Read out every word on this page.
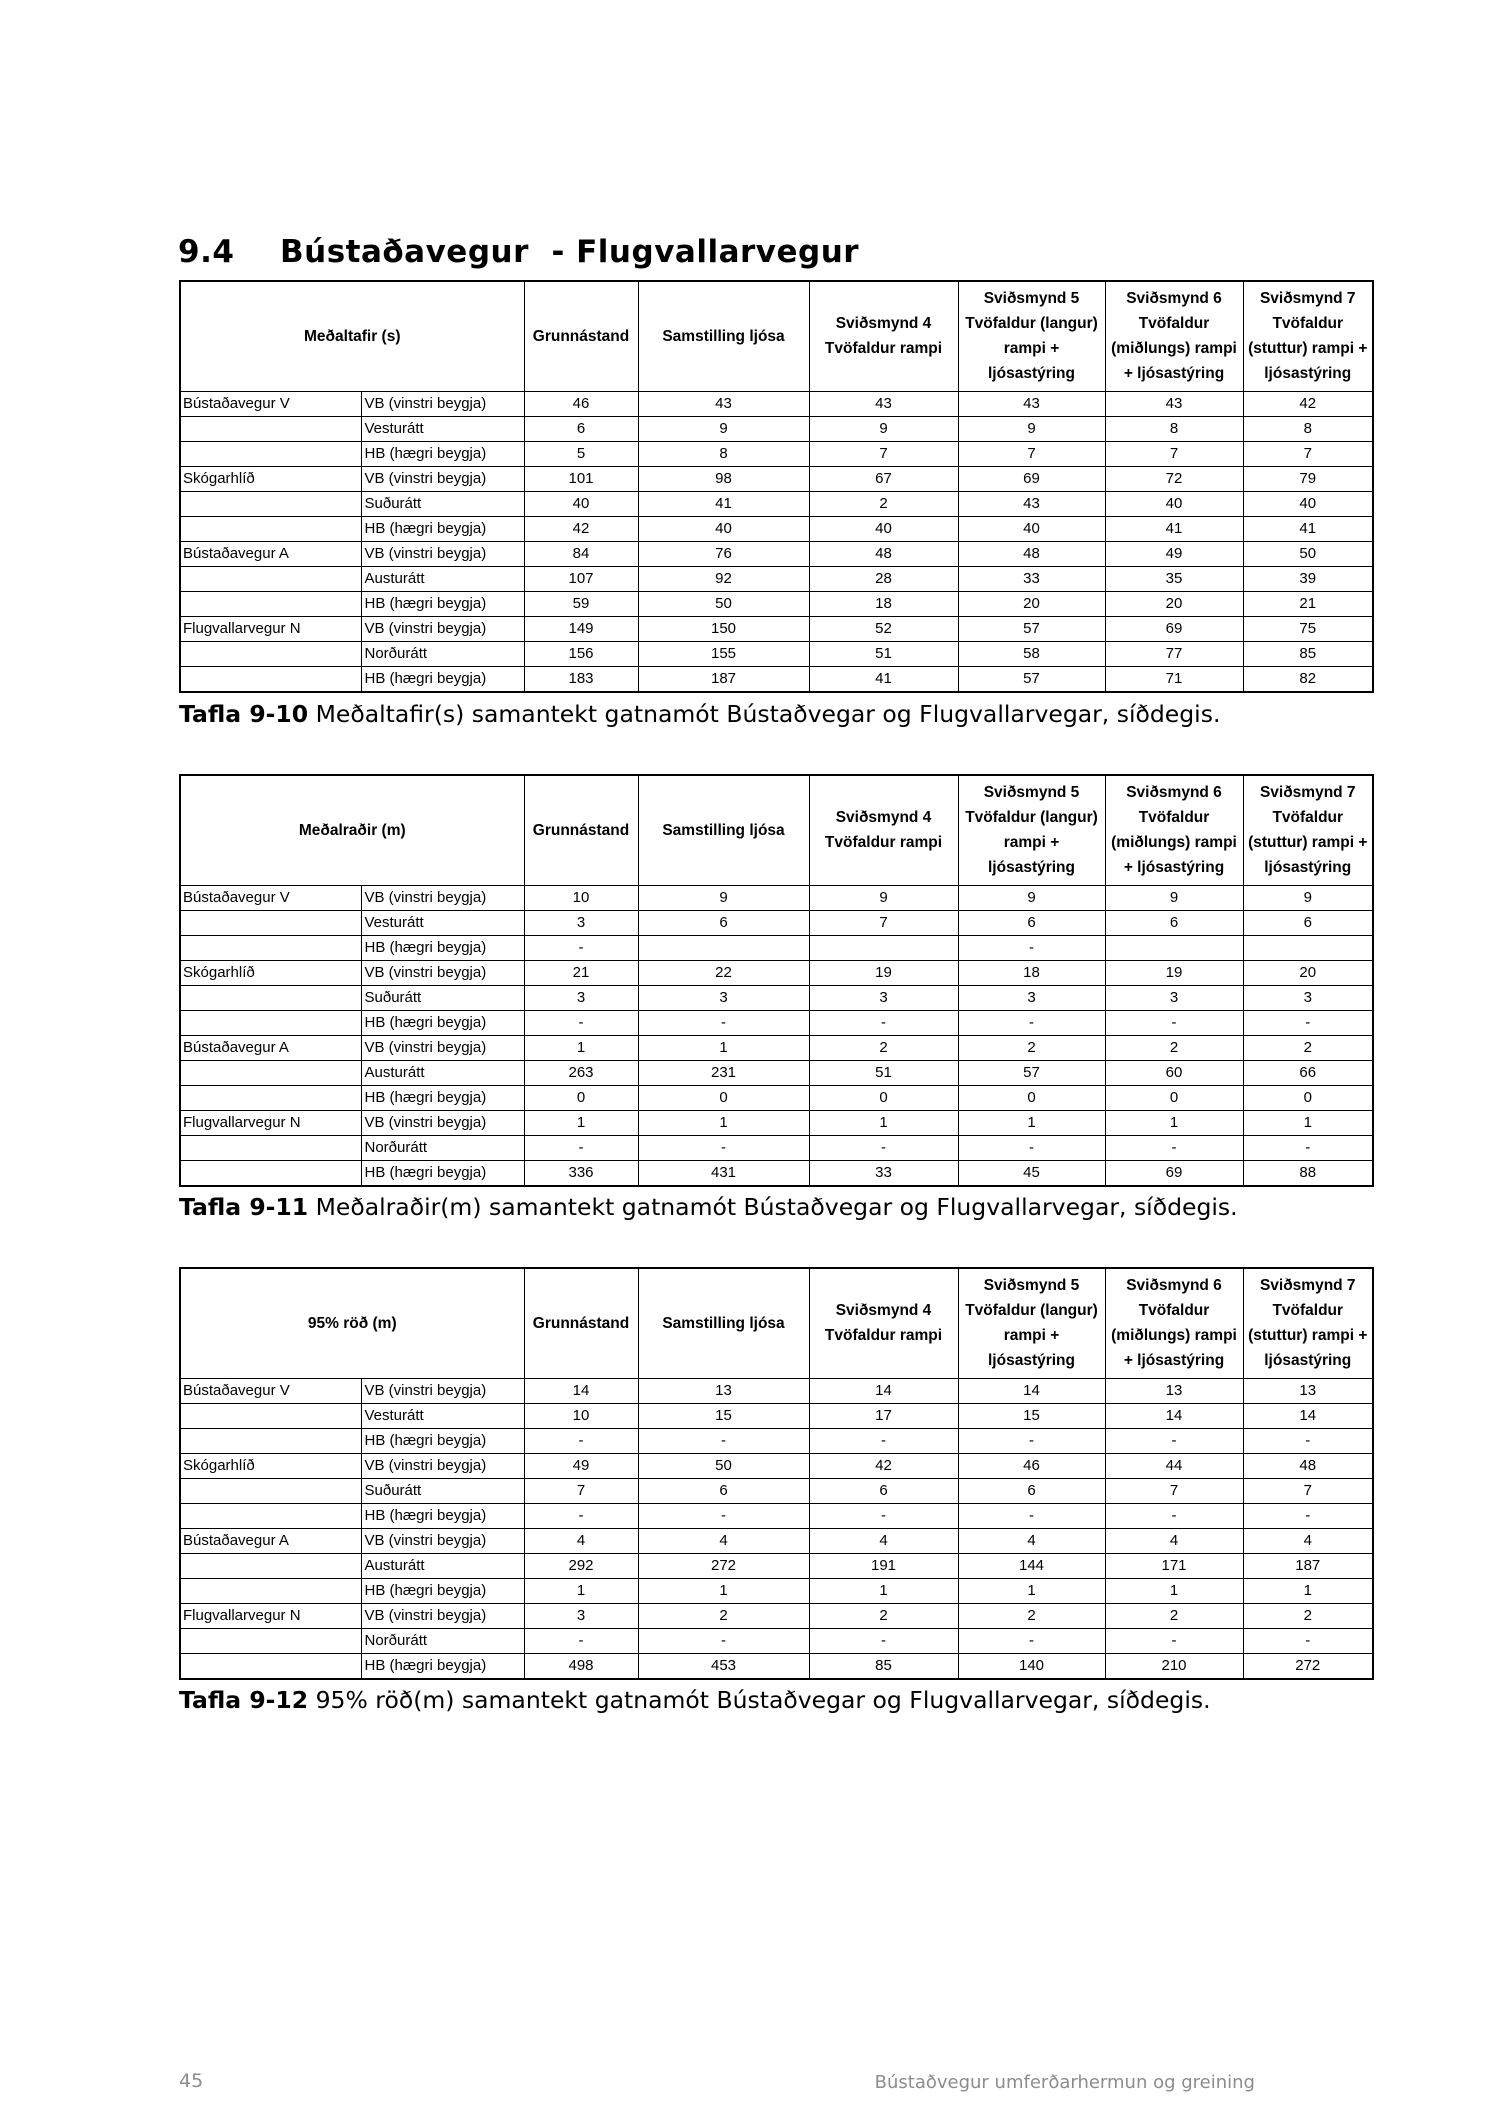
9.4 Bústaðavegur  - Flugvallarvegur
Meðaltafir (s)		Grunnástand	Samstilling ljósa	Sviðsmynd 4 Tvöfaldur rampi	Sviðsmynd 5 Tvöfaldur (langur) rampi + ljósastýring	Sviðsmynd 6 Tvöfaldur (miðlungs) rampi + ljósastýring	Sviðsmynd 7 Tvöfaldur (stuttur) rampi + ljósastýring
Bústaðavegur V	VB (vinstri beygja)	46	43	43	43	43	42
	Vesturátt	6	9	9	9	8	8
	HB (hægri beygja)	5	8	7	7	7	7
Skógarhlíð	VB (vinstri beygja)	101	98	67	69	72	79
	Suðurátt	40	41	2	43	40	40
	HB (hægri beygja)	42	40	40	40	41	41
Bústaðavegur A	VB (vinstri beygja)	84	76	48	48	49	50
	Austurátt	107	92	28	33	35	39
	HB (hægri beygja)	59	50	18	20	20	21
Flugvallarvegur N	VB (vinstri beygja)	149	150	52	57	69	75
	Norðurátt	156	155	51	58	77	85
	HB (hægri beygja)	183	187	41	57	71	82

Tafla 9-10 Meðaltafir(s) samantekt gatnamót Bústaðvegar og Flugvallarvegar, síðdegis.

Meðalraðir (m)		Grunnástand	Samstilling ljósa	Sviðsmynd 4 Tvöfaldur rampi	Sviðsmynd 5 Tvöfaldur (langur) rampi + ljósastýring	Sviðsmynd 6 Tvöfaldur (miðlungs) rampi + ljósastýring	Sviðsmynd 7 Tvöfaldur (stuttur) rampi + ljósastýring
Bústaðavegur V	VB (vinstri beygja)	10	9	9	9	9	9
	Vesturátt	3	6	7	6	6	6
	HB (hægri beygja)	-			-		
Skógarhlíð	VB (vinstri beygja)	21	22	19	18	19	20
	Suðurátt	3	3	3	3	3	3
	HB (hægri beygja)	-	-	-	-	-	-
Bústaðavegur A	VB (vinstri beygja)	1	1	2	2	2	2
	Austurátt	263	231	51	57	60	66
	HB (hægri beygja)	0	0	0	0	0	0
Flugvallarvegur N	VB (vinstri beygja)	1	1	1	1	1	1
	Norðurátt	-	-	-	-	-	-
	HB (hægri beygja)	336	431	33	45	69	88

Tafla 9-11 Meðalraðir(m) samantekt gatnamót Bústaðvegar og Flugvallarvegar, síðdegis.

95% röð (m)		Grunnástand	Samstilling ljósa	Sviðsmynd 4 Tvöfaldur rampi	Sviðsmynd 5 Tvöfaldur (langur) rampi + ljósastýring	Sviðsmynd 6 Tvöfaldur (miðlungs) rampi + ljósastýring	Sviðsmynd 7 Tvöfaldur (stuttur) rampi + ljósastýring
Bústaðavegur V	VB (vinstri beygja)	14	13	14	14	13	13
	Vesturátt	10	15	17	15	14	14
	HB (hægri beygja)	-	-	-	-	-	-
Skógarhlíð	VB (vinstri beygja)	49	50	42	46	44	48
	Suðurátt	7	6	6	6	7	7
	HB (hægri beygja)	-	-	-	-	-	-
Bústaðavegur A	VB (vinstri beygja)	4	4	4	4	4	4
	Austurátt	292	272	191	144	171	187
	HB (hægri beygja)	1	1	1	1	1	1
Flugvallarvegur N	VB (vinstri beygja)	3	2	2	2	2	2
	Norðurátt	-	-	-	-	-	-
	HB (hægri beygja)	498	453	85	140	210	272

Tafla 9-12 95% röð(m) samantekt gatnamót Bústaðvegar og Flugvallarvegar, síðdegis.

45	Bústaðvegur umferðarhermun og greining
